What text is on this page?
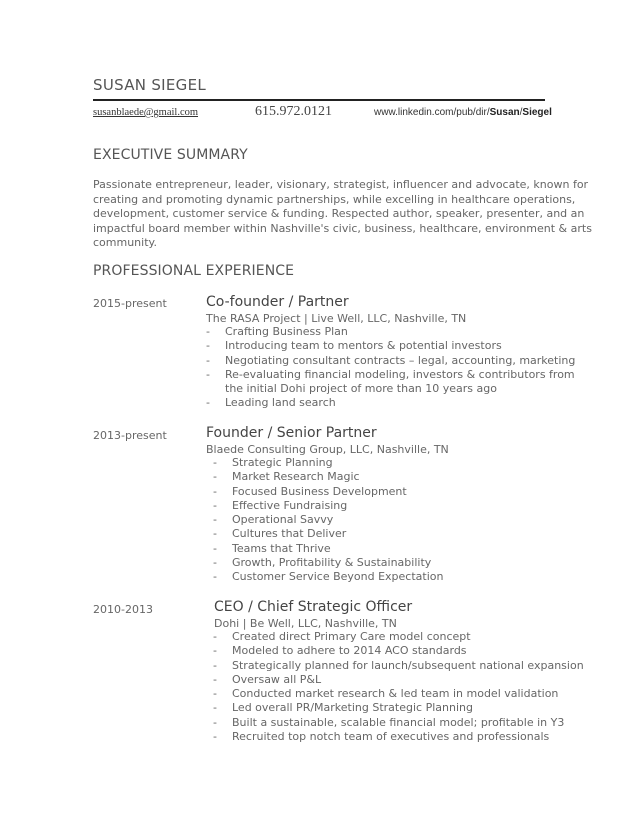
SUSAN SIEGEL
susanblaede@gmail.com	615.972.0121	www.linkedin.com/pub/dir/Susan/Siegel
EXECUTIVE SUMMARY
Passionate entrepreneur, leader, visionary, strategist, influencer and advocate, known for
creating and promoting dynamic partnerships, while excelling in healthcare operations,
development, customer service & funding. Respected author, speaker, presenter, and an
impactful board member within Nashville's civic, business, healthcare, environment & arts
community.
PROFESSIONAL EXPERIENCE
2015-present	Co-founder / Partner
The RASA Project | Live Well, LLC, Nashville, TN
- Crafting Business Plan
- Introducing team to mentors & potential investors
- Negotiating consultant contracts – legal, accounting, marketing
- Re-evaluating financial modeling, investors & contributors from
the initial Dohi project of more than 10 years ago
- Leading land search
2013-present	Founder / Senior Partner
Blaede Consulting Group, LLC, Nashville, TN
- Strategic Planning
- Market Research Magic
- Focused Business Development
- Effective Fundraising
- Operational Savvy
- Cultures that Deliver
- Teams that Thrive
- Growth, Profitability & Sustainability
- Customer Service Beyond Expectation
2010-2013	CEO / Chief Strategic Officer
Dohi | Be Well, LLC, Nashville, TN
- Created direct Primary Care model concept
- Modeled to adhere to 2014 ACO standards
- Strategically planned for launch/subsequent national expansion
- Oversaw all P&L
- Conducted market research & led team in model validation
- Led overall PR/Marketing Strategic Planning
- Built a sustainable, scalable financial model; profitable in Y3
- Recruited top notch team of executives and professionals
